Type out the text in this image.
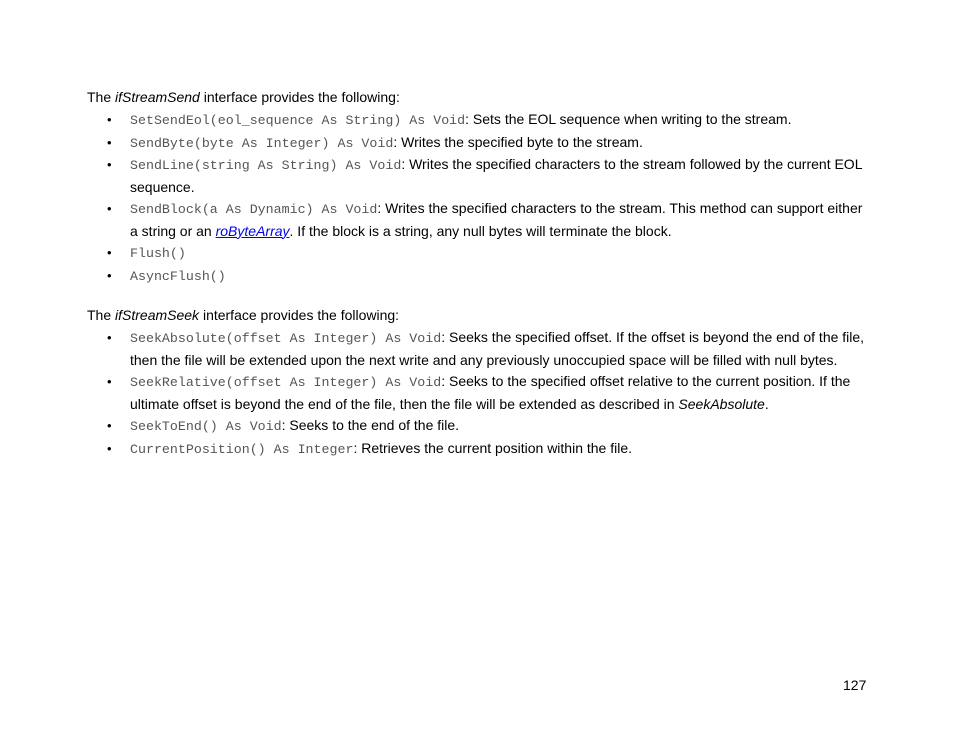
The ifStreamSend interface provides the following:

• SetSendEol(eol_sequence As String) As Void: Sets the EOL sequence when writing to the stream.
• SendByte(byte As Integer) As Void: Writes the specified byte to the stream.
• SendLine(string As String) As Void: Writes the specified characters to the stream followed by the current EOL sequence.
• SendBlock(a As Dynamic) As Void: Writes the specified characters to the stream. This method can support either a string or an roByteArray. If the block is a string, any null bytes will terminate the block.
• Flush()
• AsyncFlush()

The ifStreamSeek interface provides the following:

• SeekAbsolute(offset As Integer) As Void: Seeks the specified offset. If the offset is beyond the end of the file, then the file will be extended upon the next write and any previously unoccupied space will be filled with null bytes.
• SeekRelative(offset As Integer) As Void: Seeks to the specified offset relative to the current position. If the ultimate offset is beyond the end of the file, then the file will be extended as described in SeekAbsolute.
• SeekToEnd() As Void: Seeks to the end of the file.
• CurrentPosition() As Integer: Retrieves the current position within the file.
127
